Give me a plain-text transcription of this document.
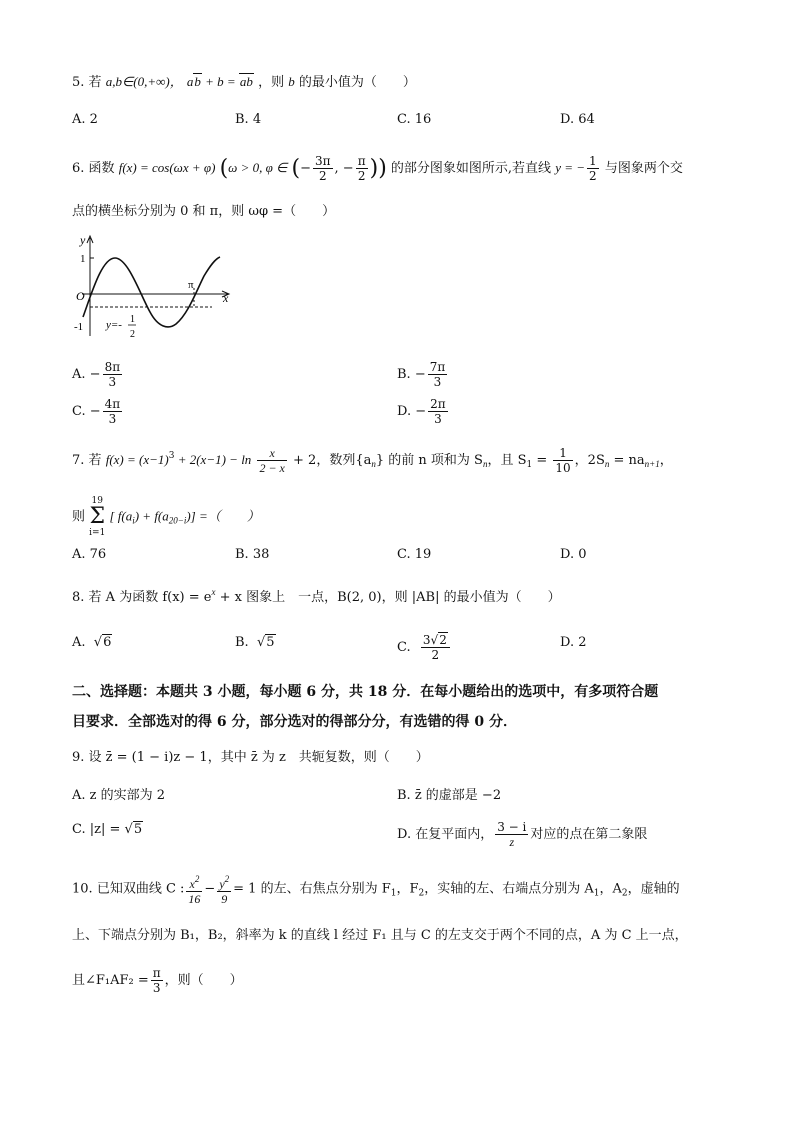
5. 若 a,b∈(0,+∞)， ab + b = ab ，则 b 的最小值为（　　）
A. 2	B. 4	C. 16	D. 64
6. 函数 f(x) = cos(ωx + φ) (ω > 0, φ ∈ (− $\frac{3\pi}{2}$ , − $\frac{\pi}{2}$ )) 的部分图象如图所示,若直线 y = − $\frac{1}{2}$ 与图象两个交
点的横坐标分别为 0 和 π，则 ωφ =（　　）
y
x
O
1
-1
π
y=- 1
2
A. − $\frac{8\pi}{3}$	B. − $\frac{7\pi}{3}$
C. − $\frac{4\pi}{3}$	D. − $\frac{2\pi}{3}$
7. 若 $f(x) = (x-1)^3 + 2(x-1) - \ln \frac{x}{2 - x} + 2$，数列$\{a_n\}$ 的前 n 项和为 $S_n$，且 $S_1 = \frac{1}{10}$ ，$2S_n = na_{n+1}$，
则 19
Σ
i=1 [ $f(a_i) + f(a_{20-i})$] =（　　）
A. 76	B. 38	C. 19	D. 0
8. 若 A 为函数 $f(x) = e^x + x$ 图象上　一点，B(2, 0)，则 |AB| 的最小值为（　　）
A.  √6	B.  √5	C. $\frac{3√2}{2}$	D. 2
二、选择题：本题共 3 小题，每小题 6 分，共 18 分．在每小题给出的选项中，有多项符合题
目要求．全部选对的得 6 分，部分选对的得部分分，有选错的得 0 分．
9. 设 z̄ = (1 − i)z − 1，其中 z̄ 为 z　共轭复数，则（　　）
A. z 的实部为 2	B. z̄ 的虚部是 −2
C. |z| = √5	D. 在复平面内， $\frac{3 - i}{z}$ 对应的点在第二象限
10. 已知双曲线 C : $\frac{x^2}{16} - \frac{y^2}{9} = 1$ 的左、右焦点分别为 $F_1$，$F_2$，实轴的左、右端点分别为 $A_1$，$A_2$，虚轴的
上、下端点分别为 B₁，B₂，斜率为 k 的直线 l 经过 F₁ 且与 C 的左支交于两个不同的点，A 为 C 上一点，
且∠F₁AF₂ = $\frac{\pi}{3}$ ，则（　　）
